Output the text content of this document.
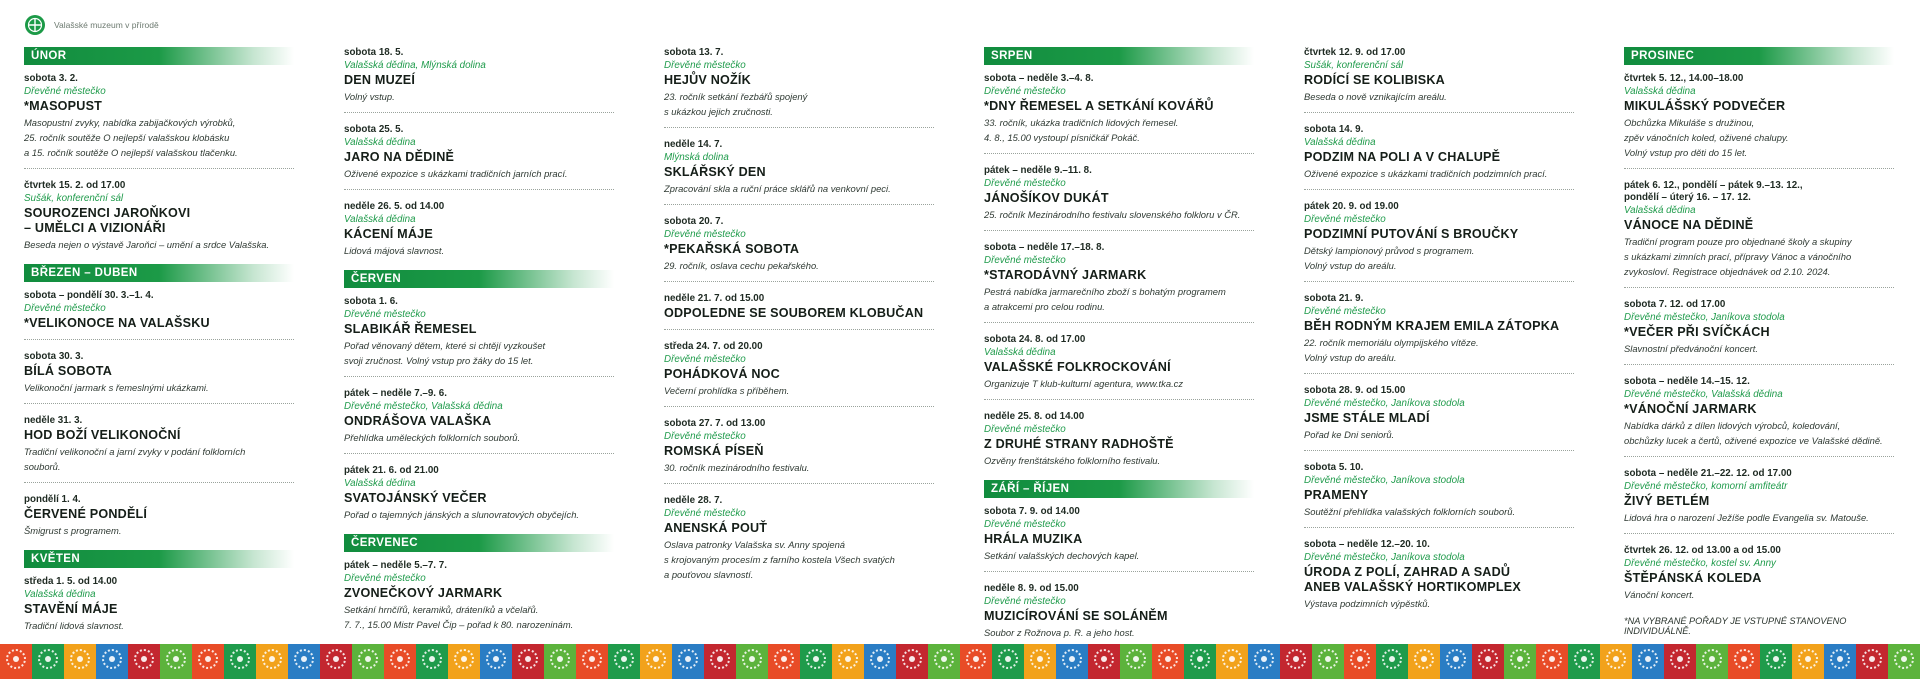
Valašské muzeum v přírodě
ÚNOR
sobota 3. 2.
Dřevěné městečko
*MASOPUST
Masopustní zvyky, nabídka zabijačkových výrobků,
25. ročník soutěže O nejlepší valašskou klobásku
a 15. ročník soutěže O nejlepší valašskou tlačenku.
čtvrtek 15. 2. od 17.00
Sušák, konferenční sál
SOUROZENCI JAROŇKOVI
– UMĚLCI A VIZIONÁŘI
Beseda nejen o výstavě Jaroňci – umění a srdce Valašska.
BŘEZEN – DUBEN
sobota – pondělí 30. 3.–1. 4.
Dřevěné městečko
*VELIKONOCE NA VALAŠSKU
sobota 30. 3.
BÍLÁ SOBOTA
Velikonoční jarmark s řemeslnými ukázkami.
neděle 31. 3.
HOD BOŽÍ VELIKONOČNÍ
Tradiční velikonoční a jarní zvyky v podání folklorních
souborů.
pondělí 1. 4.
ČERVENÉ PONDĚLÍ
Šmigrust s programem.
KVĚTEN
středa 1. 5. od 14.00
Valašská dědina
STAVĚNÍ MÁJE
Tradiční lidová slavnost.
sobota 18. 5.
Valašská dědina, Mlýnská dolina
DEN MUZEÍ
Volný vstup.
sobota 25. 5.
Valašská dědina
JARO NA DĚDINĚ
Oživené expozice s ukázkami tradičních jarních prací.
neděle 26. 5. od 14.00
Valašská dědina
KÁCENÍ MÁJE
Lidová májová slavnost.
ČERVEN
sobota 1. 6.
Dřevěné městečko
SLABIKÁŘ ŘEMESEL
Pořad věnovaný dětem, které si chtějí vyzkoušet
svoji zručnost. Volný vstup pro žáky do 15 let.
pátek – neděle 7.–9. 6.
Dřevěné městečko, Valašská dědina
ONDRÁŠOVA VALAŠKA
Přehlídka uměleckých folklorních souborů.
pátek 21. 6. od 21.00
Valašská dědina
SVATOJÁNSKÝ VEČER
Pořad o tajemných jánských a slunovratových obyčejích.
ČERVENEC
pátek – neděle 5.–7. 7.
Dřevěné městečko
ZVONEČKOVÝ JARMARK
Setkání hrnčířů, keramiků, dráteníků a včelařů.
7. 7., 15.00 Mistr Pavel Čip – pořad k 80. narozeninám.
sobota 13. 7.
Dřevěné městečko
HEJŮV NOŽÍK
23. ročník setkání řezbářů spojený
s ukázkou jejich zručnosti.
neděle 14. 7.
Mlýnská dolina
SKLÁŘSKÝ DEN
Zpracování skla a ruční práce sklářů na venkovní peci.
sobota 20. 7.
Dřevěné městečko
*PEKAŘSKÁ SOBOTA
29. ročník, oslava cechu pekařského.
neděle 21. 7. od 15.00
ODPOLEDNE SE SOUBOREM KLOBUČAN
středa 24. 7. od 20.00
Dřevěné městečko
POHÁDKOVÁ NOC
Večerní prohlídka s příběhem.
sobota 27. 7. od 13.00
Dřevěné městečko
ROMSKÁ PÍSEŇ
30. ročník mezinárodního festivalu.
neděle 28. 7.
Dřevěné městečko
ANENSKÁ POUŤ
Oslava patronky Valašska sv. Anny spojená
s krojovaným procesím z farního kostela Všech svatých
a pouťovou slavností.
SRPEN
sobota – neděle 3.–4. 8.
Dřevěné městečko
*DNY ŘEMESEL A SETKÁNÍ KOVÁŘŮ
33. ročník, ukázka tradičních lidových řemesel.
4. 8., 15.00 vystoupí písničkář Pokáč.
pátek – neděle 9.–11. 8.
Dřevěné městečko
JÁNOŠÍKOV DUKÁT
25. ročník Mezinárodního festivalu slovenského folkloru v ČR.
sobota – neděle 17.–18. 8.
Dřevěné městečko
*STARODÁVNÝ JARMARK
Pestrá nabídka jarmarečního zboží s bohatým programem
a atrakcemi pro celou rodinu.
sobota 24. 8. od 17.00
Valašská dědina
VALAŠSKÉ FOLKROCKOVÁNÍ
Organizuje T klub-kulturní agentura, www.tka.cz
neděle 25. 8. od 14.00
Dřevěné městečko
Z DRUHÉ STRANY RADHOŠTĚ
Ozvěny frenštátského folklorního festivalu.
ZÁŘÍ – ŘÍJEN
sobota 7. 9. od 14.00
Dřevěné městečko
HRÁLA MUZIKA
Setkání valašských dechových kapel.
neděle 8. 9. od 15.00
Dřevěné městečko
MUZICÍROVÁNÍ SE SOLÁNĚM
Soubor z Rožnova p. R. a jeho host.
čtvrtek 12. 9. od 17.00
Sušák, konferenční sál
RODÍCÍ SE KOLIBISKA
Beseda o nově vznikajícím areálu.
sobota 14. 9.
Valašská dědina
PODZIM NA POLI A V CHALUPĚ
Oživené expozice s ukázkami tradičních podzimních prací.
pátek 20. 9. od 19.00
Dřevěné městečko
PODZIMNÍ PUTOVÁNÍ S BROUČKY
Dětský lampionový průvod s programem.
Volný vstup do areálu.
sobota 21. 9.
Dřevěné městečko
BĚH RODNÝM KRAJEM EMILA ZÁTOPKA
22. ročník memoriálu olympijského vítěze.
Volný vstup do areálu.
sobota 28. 9. od 15.00
Dřevěné městečko, Janíkova stodola
JSME STÁLE MLADÍ
Pořad ke Dni seniorů.
sobota 5. 10.
Dřevěné městečko, Janíkova stodola
PRAMENY
Soutěžní přehlídka valašských folklorních souborů.
sobota – neděle 12.–20. 10.
Dřevěné městečko, Janíkova stodola
ÚRODA Z POLÍ, ZAHRAD A SADŮ
ANEB VALAŠSKÝ HORTIKOMPLEX
Výstava podzimních výpěstků.
PROSINEC
čtvrtek 5. 12., 14.00–18.00
Valašská dědina
MIKULÁŠSKÝ PODVEČER
Obchůzka Mikuláše s družinou,
zpěv vánočních koled, oživené chalupy.
Volný vstup pro děti do 15 let.
pátek 6. 12., pondělí – pátek 9.–13. 12.,
pondělí – úterý 16. – 17. 12.
Valašská dědina
VÁNOCE NA DĚDINĚ
Tradiční program pouze pro objednané školy a skupiny
s ukázkami zimních prací, přípravy Vánoc a vánočního
zvykosloví. Registrace objednávek od 2.10. 2024.
sobota 7. 12. od 17.00
Dřevěné městečko, Janíkova stodola
*VEČER PŘI SVÍČKÁCH
Slavnostní předvánoční koncert.
sobota – neděle 14.–15. 12.
Dřevěné městečko, Valašská dědina
*VÁNOČNÍ JARMARK
Nabídka dárků z dílen lidových výrobců, koledování,
obchůzky lucek a čertů, oživené expozice ve Valašské dědině.
sobota – neděle 21.–22. 12. od 17.00
Dřevěné městečko, komorní amfiteátr
ŽIVÝ BETLÉM
Lidová hra o narození Ježíše podle Evangelia sv. Matouše.
čtvrtek 26. 12. od 13.00 a od 15.00
Dřevěné městečko, kostel sv. Anny
ŠTĚPÁNSKÁ KOLEDA
Vánoční koncert.
*NA VYBRANÉ POŘADY JE VSTUPNÉ STANOVENO INDIVIDUÁLNĚ.
